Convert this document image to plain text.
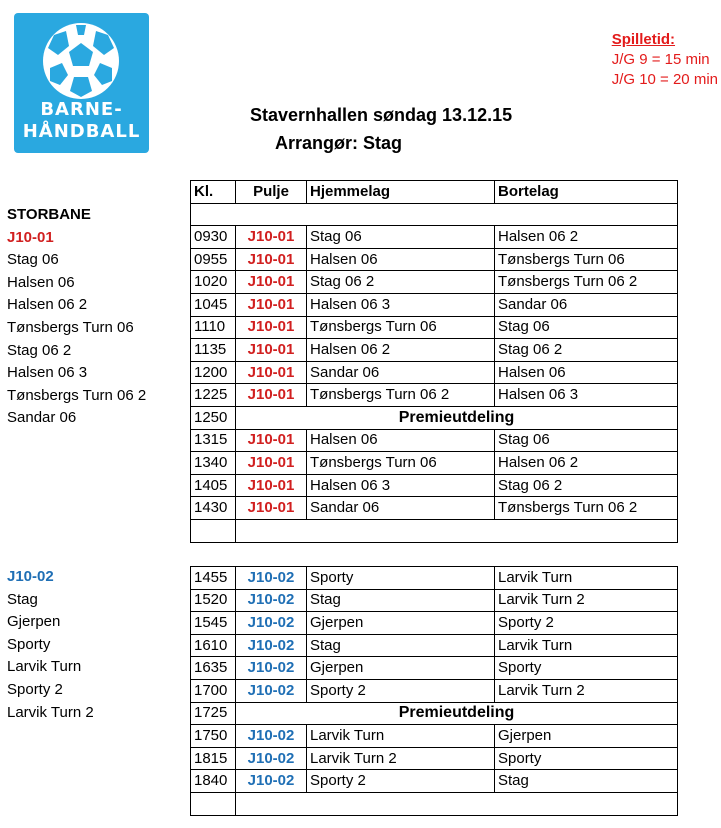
BARNE-
HÅNDBALL
Stavernhallen søndag 13.12.15
Arrangør: Stag
Spilletid:
J/G 9 = 15 min
J/G 10 = 20 min
STORBANE
J10-01
Stag 06
Halsen 06
Halsen 06 2
Tønsbergs Turn 06
Stag 06 2
Halsen 06 3
Tønsbergs Turn 06 2
Sandar 06
J10-02
Stag
Gjerpen
Sporty
Larvik Turn
Sporty 2
Larvik Turn 2
Kl.	Pulje	Hjemmelag	Bortelag

0930	J10-01	Stag 06	Halsen 06 2
0955	J10-01	Halsen 06	Tønsbergs Turn 06
1020	J10-01	Stag 06 2	Tønsbergs Turn 06 2
1045	J10-01	Halsen 06 3	Sandar 06
1110	J10-01	Tønsbergs Turn 06	Stag 06
1135	J10-01	Halsen 06 2	Stag 06 2
1200	J10-01	Sandar 06	Halsen 06
1225	J10-01	Tønsbergs Turn 06 2	Halsen 06 3
1250	Premieutdeling		
1315	J10-01	Halsen 06	Stag 06
1340	J10-01	Tønsbergs Turn 06	Halsen 06 2
1405	J10-01	Halsen 06 3	Stag 06 2
1430	J10-01	Sandar 06	Tønsbergs Turn 06 2

1455	J10-02	Sporty	Larvik Turn
1520	J10-02	Stag	Larvik Turn 2
1545	J10-02	Gjerpen	Sporty 2
1610	J10-02	Stag	Larvik Turn
1635	J10-02	Gjerpen	Sporty
1700	J10-02	Sporty 2	Larvik Turn 2
1725	Premieutdeling		
1750	J10-02	Larvik Turn	Gjerpen
1815	J10-02	Larvik Turn 2	Sporty
1840	J10-02	Sporty 2	Stag
